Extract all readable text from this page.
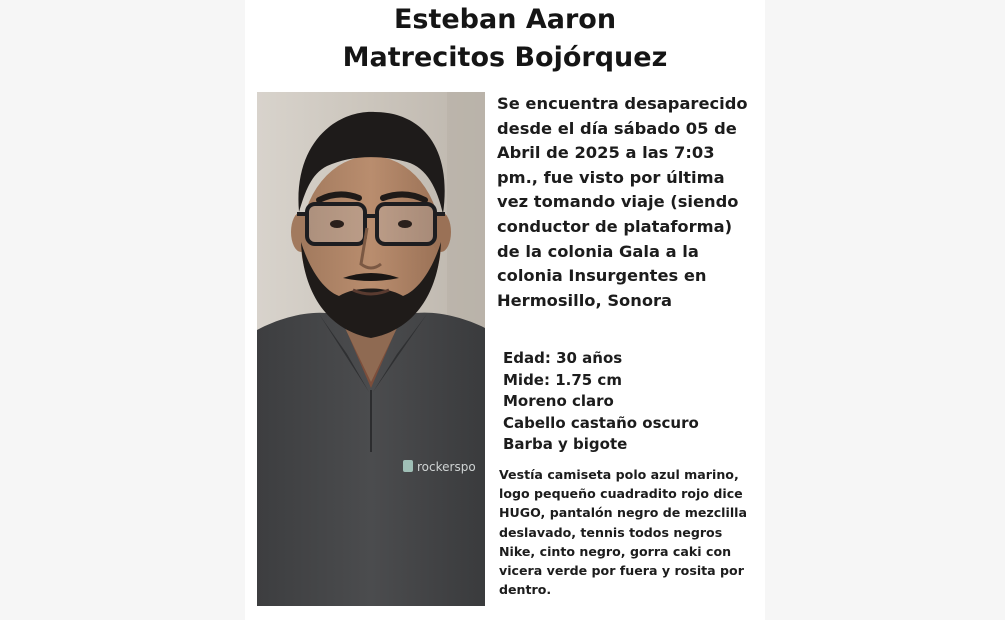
Esteban Aaron
Matrecitos Bojórquez
rockerspo
Se encuentra desaparecido desde el día sábado 05 de Abril de 2025 a las 7:03 pm., fue visto por última vez tomando viaje (siendo conductor de plataforma) de la colonia Gala a la colonia Insurgentes en Hermosillo, Sonora
Edad: 30 años
Mide: 1.75 cm
Moreno claro
Cabello castaño oscuro
Barba y bigote
Vestía camiseta polo azul marino, logo pequeño cuadradito rojo dice HUGO, pantalón negro de mezclilla deslavado, tennis todos negros Nike, cinto negro, gorra caki con vicera verde por fuera y rosita por dentro.
